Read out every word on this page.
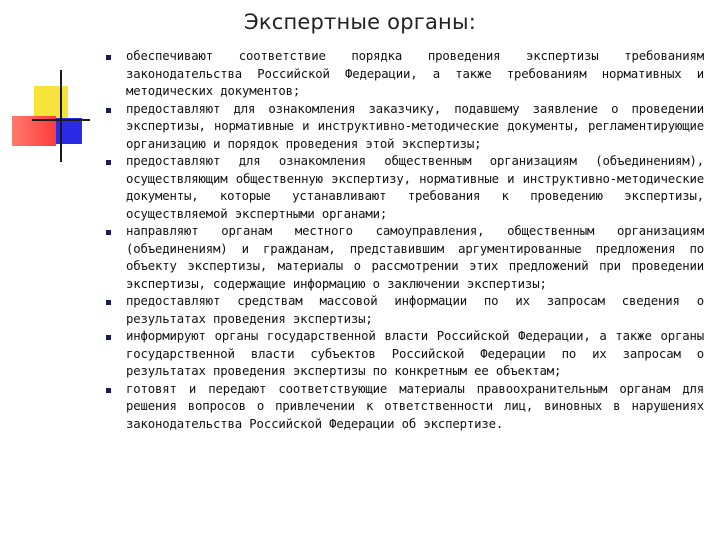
Экспертные органы:
обеспечивают соответствие порядка проведения экспертизы требованиям законодательства Российской Федерации, а также требованиям нормативных и методических документов;
предоставляют для ознакомления заказчику, подавшему заявление о проведении экспертизы, нормативные и инструктивно-методические документы, регламентирующие организацию и порядок проведения этой экспертизы;
предоставляют для ознакомления общественным организациям (объединениям), осуществляющим общественную экспертизу, нормативные и инструктивно-методические документы, которые устанавливают требования к проведению экспертизы, осуществляемой экспертными органами;
направляют органам местного самоуправления, общественным организациям (объединениям) и гражданам, представившим аргументированные предложения по объекту экспертизы, материалы о рассмотрении этих предложений при проведении экспертизы, содержащие информацию о заключении экспертизы;
предоставляют средствам массовой информации по их запросам сведения о результатах проведения экспертизы;
информируют органы государственной власти Российской Федерации, а также органы государственной власти субъектов Российской Федерации по их запросам о результатах проведения экспертизы по конкретным ее объектам;
готовят и передают соответствующие материалы правоохранительным органам для решения вопросов о привлечении к ответственности лиц, виновных в нарушениях законодательства Российской Федерации об экспертизе.
